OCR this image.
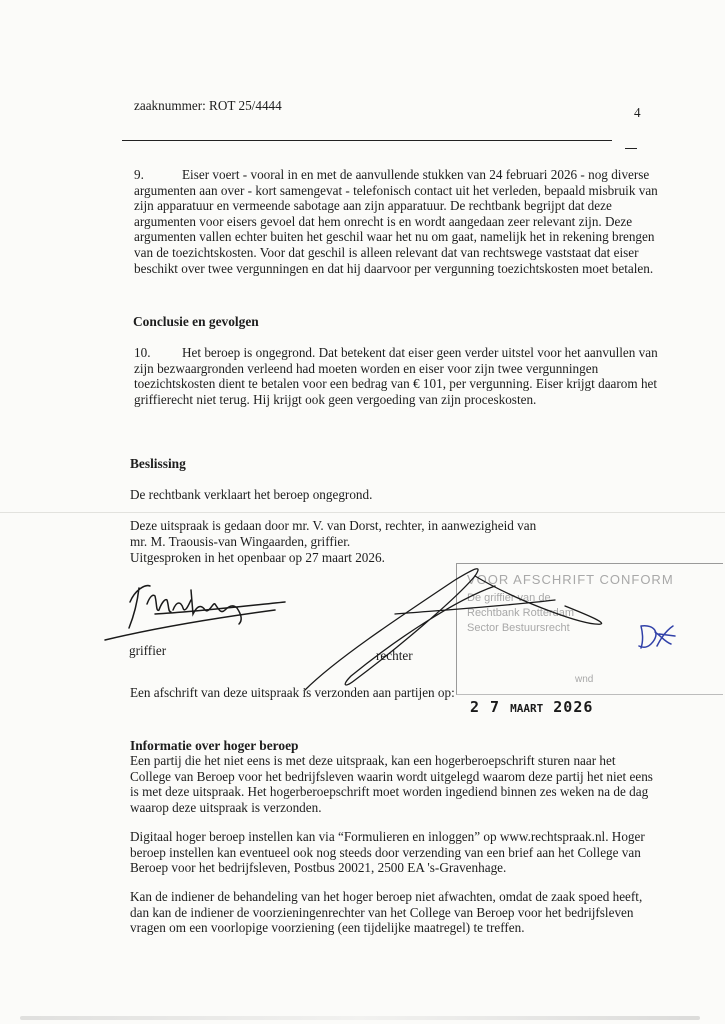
zaaknummer: ROT 25/4444	4
9.	Eiser voert - vooral in en met de aanvullende stukken van 24 februari 2026 - nog diverse argumenten aan over - kort samengevat - telefonisch contact uit het verleden, bepaald misbruik van zijn apparatuur en vermeende sabotage aan zijn apparatuur. De rechtbank begrijpt dat deze argumenten voor eisers gevoel dat hem onrecht is en wordt aangedaan zeer relevant zijn. Deze argumenten vallen echter buiten het geschil waar het nu om gaat, namelijk het in rekening brengen van de toezichtskosten. Voor dat geschil is alleen relevant dat van rechtswege vaststaat dat eiser beschikt over twee vergunningen en dat hij daarvoor per vergunning toezichtskosten moet betalen.
Conclusie en gevolgen
10. Het beroep is ongegrond. Dat betekent dat eiser geen verder uitstel voor het aanvullen van zijn bezwaargronden verleend had moeten worden en eiser voor zijn twee vergunningen toezichtskosten dient te betalen voor een bedrag van € 101, per vergunning. Eiser krijgt daarom het griffierecht niet terug. Hij krijgt ook geen vergoeding van zijn proceskosten.
Beslissing
De rechtbank verklaart het beroep ongegrond.
Deze uitspraak is gedaan door mr. V. van Dorst, rechter, in aanwezigheid van
mr. M. Traousis-van Wingaarden, griffier.
Uitgesproken in het openbaar op 27 maart 2026.
VOOR AFSCHRIFT CONFORM
De griffier van de
Rechtbank Rotterdam
Sector Bestuursrecht
wnd
griffier	rechter
Een afschrift van deze uitspraak is verzonden aan partijen op:
2 7 MAART 2026
Informatie over hoger beroep
Een partij die het niet eens is met deze uitspraak, kan een hogerberoepschrift sturen naar het College van Beroep voor het bedrijfsleven waarin wordt uitgelegd waarom deze partij het niet eens is met deze uitspraak. Het hogerberoepschrift moet worden ingediend binnen zes weken na de dag waarop deze uitspraak is verzonden.
Digitaal hoger beroep instellen kan via “Formulieren en inloggen” op www.rechtspraak.nl. Hoger beroep instellen kan eventueel ook nog steeds door verzending van een brief aan het College van Beroep voor het bedrijfsleven, Postbus 20021, 2500 EA 's-Gravenhage.
Kan de indiener de behandeling van het hoger beroep niet afwachten, omdat de zaak spoed heeft, dan kan de indiener de voorzieningenrechter van het College van Beroep voor het bedrijfsleven vragen om een voorlopige voorziening (een tijdelijke maatregel) te treffen.
